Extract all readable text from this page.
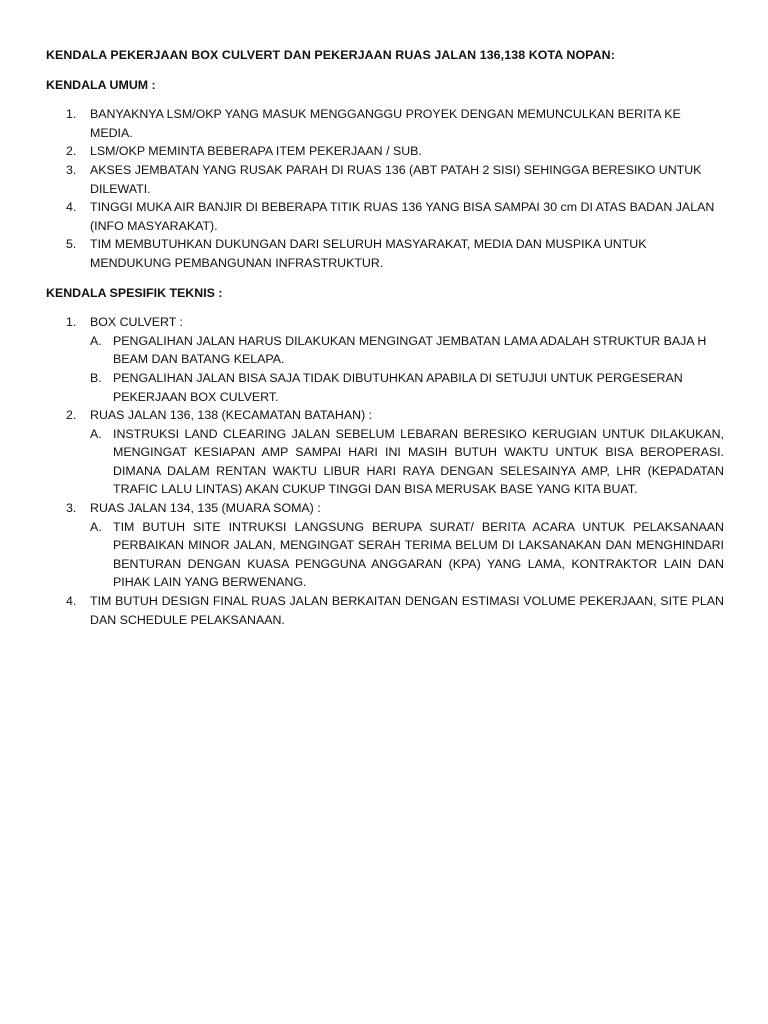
KENDALA PEKERJAAN BOX CULVERT DAN PEKERJAAN RUAS JALAN 136,138 KOTA NOPAN:
KENDALA UMUM :
1. BANYAKNYA LSM/OKP YANG MASUK MENGGANGGU PROYEK DENGAN MEMUNCULKAN BERITA KE MEDIA.
2. LSM/OKP MEMINTA BEBERAPA ITEM PEKERJAAN / SUB.
3. AKSES JEMBATAN YANG RUSAK PARAH DI RUAS 136 (ABT PATAH 2 SISI) SEHINGGA BERESIKO UNTUK DILEWATI.
4. TINGGI MUKA AIR BANJIR DI BEBERAPA TITIK RUAS 136 YANG BISA SAMPAI 30 cm DI ATAS BADAN JALAN (INFO MASYARAKAT).
5. TIM MEMBUTUHKAN DUKUNGAN DARI SELURUH MASYARAKAT, MEDIA DAN MUSPIKA UNTUK MENDUKUNG PEMBANGUNAN INFRASTRUKTUR.
KENDALA SPESIFIK TEKNIS :
1. BOX CULVERT :
A. PENGALIHAN JALAN HARUS DILAKUKAN MENGINGAT JEMBATAN LAMA ADALAH STRUKTUR BAJA H BEAM DAN BATANG KELAPA.
B. PENGALIHAN JALAN BISA SAJA TIDAK DIBUTUHKAN APABILA DI SETUJUI UNTUK PERGESERAN PEKERJAAN BOX CULVERT.
2. RUAS JALAN 136, 138 (KECAMATAN BATAHAN) :
A. INSTRUKSI LAND CLEARING JALAN SEBELUM LEBARAN BERESIKO KERUGIAN UNTUK DILAKUKAN, MENGINGAT KESIAPAN AMP SAMPAI HARI INI MASIH BUTUH WAKTU UNTUK BISA BEROPERASI. DIMANA DALAM RENTAN WAKTU LIBUR HARI RAYA DENGAN SELESAINYA AMP, LHR (KEPADATAN TRAFIC LALU LINTAS) AKAN CUKUP TINGGI DAN BISA MERUSAK BASE YANG KITA BUAT.
3. RUAS JALAN 134, 135 (MUARA SOMA) :
A. TIM BUTUH SITE INTRUKSI LANGSUNG BERUPA SURAT/ BERITA ACARA UNTUK PELAKSANAAN PERBAIKAN MINOR JALAN, MENGINGAT SERAH TERIMA BELUM DI LAKSANAKAN DAN MENGHINDARI BENTURAN DENGAN KUASA PENGGUNA ANGGARAN (KPA) YANG LAMA, KONTRAKTOR LAIN DAN PIHAK LAIN YANG BERWENANG.
4. TIM BUTUH DESIGN FINAL RUAS JALAN BERKAITAN DENGAN ESTIMASI VOLUME PEKERJAAN, SITE PLAN DAN SCHEDULE PELAKSANAAN.
